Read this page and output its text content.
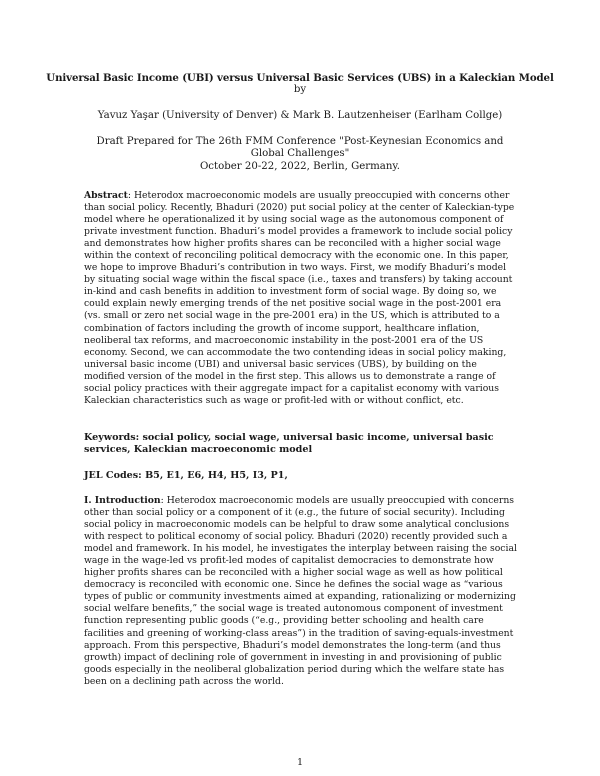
Universal Basic Income (UBI) versus Universal Basic Services (UBS) in a Kaleckian Model
by
Yavuz Yaşar (University of Denver) & Mark B. Lautzenheiser (Earlham Collge)
Draft Prepared for The 26th FMM Conference "Post-Keynesian Economics and Global Challenges"
October 20-22, 2022, Berlin, Germany.
Abstract: Heterodox macroeconomic models are usually preoccupied with concerns other than social policy. Recently, Bhaduri (2020) put social policy at the center of Kaleckian-type model where he operationalized it by using social wage as the autonomous component of private investment function. Bhaduri’s model provides a framework to include social policy and demonstrates how higher profits shares can be reconciled with a higher social wage within the context of reconciling political democracy with the economic one. In this paper, we hope to improve Bhaduri’s contribution in two ways. First, we modify Bhaduri’s model by situating social wage within the fiscal space (i.e., taxes and transfers) by taking account in-kind and cash benefits in addition to investment form of social wage. By doing so, we could explain newly emerging trends of the net positive social wage in the post-2001 era (vs. small or zero net social wage in the pre-2001 era) in the US, which is attributed to a combination of factors including the growth of income support, healthcare inflation, neoliberal tax reforms, and macroeconomic instability in the post-2001 era of the US economy. Second, we can accommodate the two contending ideas in social policy making, universal basic income (UBI) and universal basic services (UBS), by building on the modified version of the model in the first step. This allows us to demonstrate a range of social policy practices with their aggregate impact for a capitalist economy with various Kaleckian characteristics such as wage or profit-led with or without conflict, etc.
Keywords: social policy, social wage, universal basic income, universal basic services, Kaleckian macroeconomic model
JEL Codes: B5, E1, E6, H4, H5, I3, P1,
I. Introduction: Heterodox macroeconomic models are usually preoccupied with concerns other than social policy or a component of it (e.g., the future of social security). Including social policy in macroeconomic models can be helpful to draw some analytical conclusions with respect to political economy of social policy. Bhaduri (2020) recently provided such a model and framework. In his model, he investigates the interplay between raising the social wage in the wage-led vs profit-led modes of capitalist democracies to demonstrate how higher profits shares can be reconciled with a higher social wage as well as how political democracy is reconciled with economic one. Since he defines the social wage as “various types of public or community investments aimed at expanding, rationalizing or modernizing social welfare benefits,” the social wage is treated autonomous component of investment function representing public goods (“e.g., providing better schooling and health care facilities and greening of working-class areas”) in the tradition of saving-equals-investment approach. From this perspective, Bhaduri’s model demonstrates the long-term (and thus growth) impact of declining role of government in investing in and provisioning of public goods especially in the neoliberal globalization period during which the welfare state has been on a declining path across the world.
1
